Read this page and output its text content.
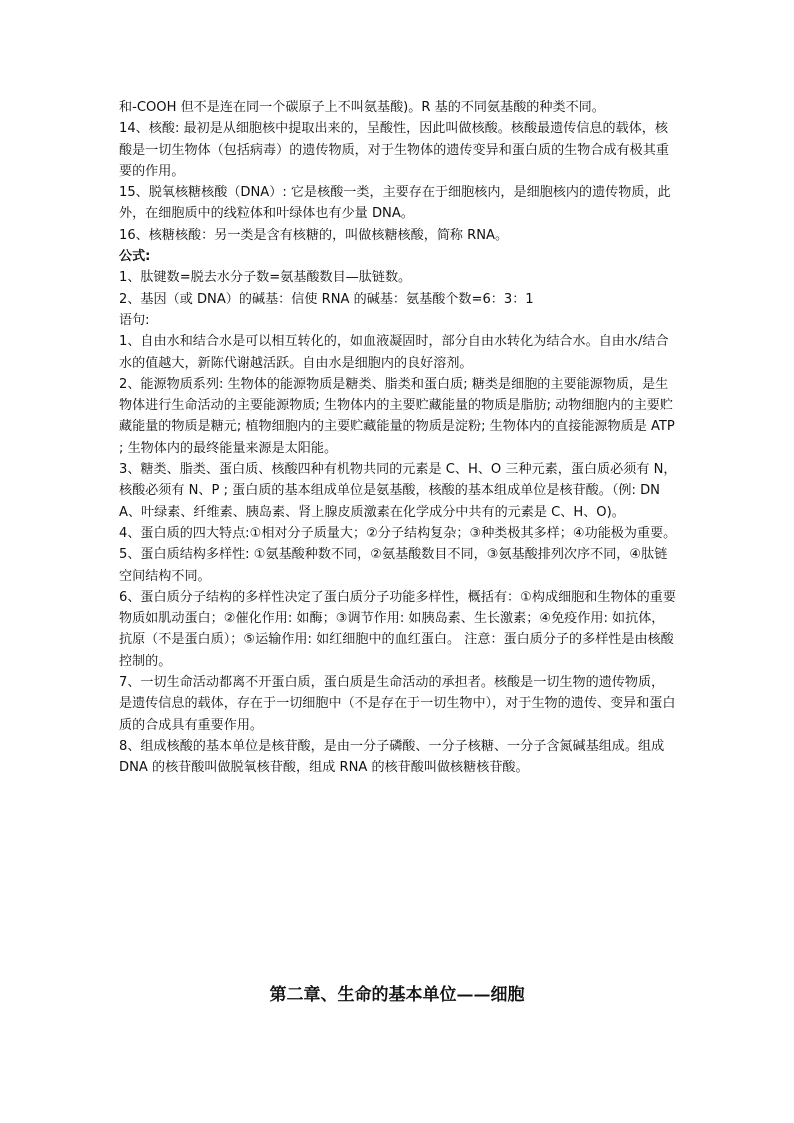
和-COOH 但不是连在同一个碳原子上不叫氨基酸)。R 基的不同氨基酸的种类不同。

14、核酸: 最初是从细胞核中提取出来的，呈酸性，因此叫做核酸。核酸最遗传信息的载体，核酸是一切生物体（包括病毒）的遗传物质，对于生物体的遗传变异和蛋白质的生物合成有极其重要的作用。

15、脱氧核糖核酸（DNA）: 它是核酸一类，主要存在于细胞核内，是细胞核内的遗传物质，此外，在细胞质中的线粒体和叶绿体也有少量 DNA。

16、核糖核酸：另一类是含有核糖的，叫做核糖核酸，简称 RNA。

公式:

1、肽键数=脱去水分子数=氨基酸数目—肽链数。

2、基因（或 DNA）的碱基：信使 RNA 的碱基：氨基酸个数=6：3：1

语句:

1、自由水和结合水是可以相互转化的，如血液凝固时，部分自由水转化为结合水。自由水/结合水的值越大，新陈代谢越活跃。自由水是细胞内的良好溶剂。

2、能源物质系列: 生物体的能源物质是糖类、脂类和蛋白质; 糖类是细胞的主要能源物质，是生物体进行生命活动的主要能源物质; 生物体内的主要贮藏能量的物质是脂肪; 动物细胞内的主要贮藏能量的物质是糖元; 植物细胞内的主要贮藏能量的物质是淀粉; 生物体内的直接能源物质是 ATP ; 生物体内的最终能量来源是太阳能。

3、糖类、脂类、蛋白质、核酸四种有机物共同的元素是 C、H、O 三种元素，蛋白质必须有 N，核酸必须有 N、P ; 蛋白质的基本组成单位是氨基酸，核酸的基本组成单位是核苷酸。（例: DNA、叶绿素、纤维素、胰岛素、肾上腺皮质激素在化学成分中共有的元素是 C、H、O)。

4、蛋白质的四大特点:①相对分子质量大；②分子结构复杂；③种类极其多样；④功能极为重要。

5、蛋白质结构多样性: ①氨基酸种数不同，②氨基酸数目不同，③氨基酸排列次序不同，④肽链空间结构不同。

6、蛋白质分子结构的多样性决定了蛋白质分子功能多样性，概括有：①构成细胞和生物体的重要物质如肌动蛋白；②催化作用: 如酶；③调节作用: 如胰岛素、生长激素；④免疫作用: 如抗体，抗原（不是蛋白质）；⑤运输作用: 如红细胞中的血红蛋白。 注意：蛋白质分子的多样性是由核酸控制的。

7、一切生命活动都离不开蛋白质，蛋白质是生命活动的承担者。核酸是一切生物的遗传物质，是遗传信息的载体，存在于一切细胞中（不是存在于一切生物中），对于生物的遗传、变异和蛋白质的合成具有重要作用。

8、组成核酸的基本单位是核苷酸，是由一分子磷酸、一分子核糖、一分子含氮碱基组成。组成 DNA 的核苷酸叫做脱氧核苷酸，组成 RNA 的核苷酸叫做核糖核苷酸。

第二章、生命的基本单位——细胞
